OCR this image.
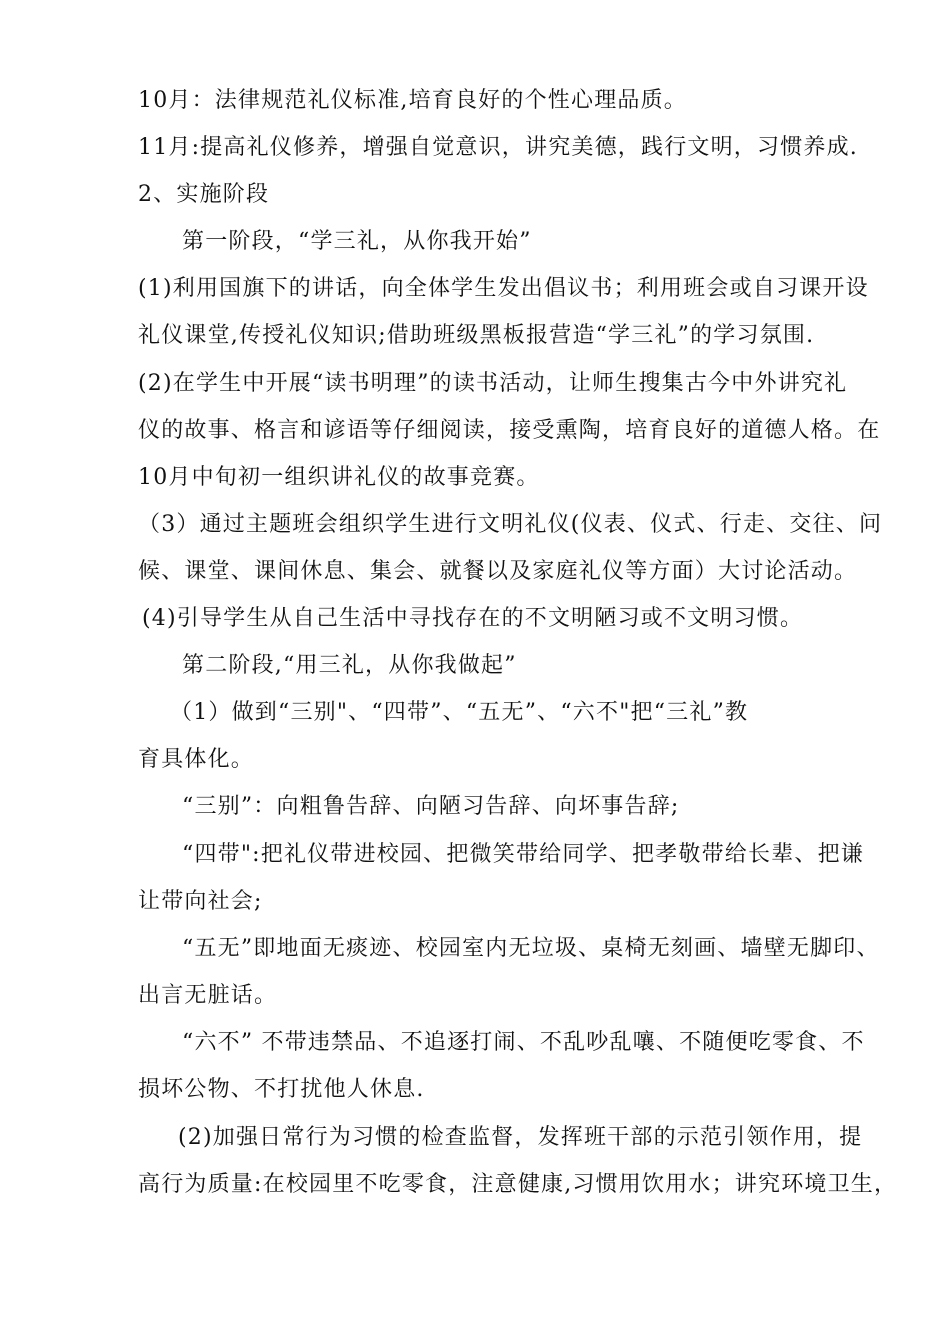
10月：法律规范礼仪标准,培育良好的个性心理品质。
11月:提高礼仪修养，增强自觉意识，讲究美德，践行文明，习惯养成.
2、实施阶段
第一阶段，“学三礼，从你我开始”
(1)利用国旗下的讲话，向全体学生发出倡议书；利用班会或自习课开设
礼仪课堂,传授礼仪知识;借助班级黑板报营造“学三礼”的学习氛围.
(2)在学生中开展“读书明理”的读书活动，让师生搜集古今中外讲究礼
仪的故事、格言和谚语等仔细阅读，接受熏陶，培育良好的道德人格。在
10月中旬初一组织讲礼仪的故事竞赛。
（3）通过主题班会组织学生进行文明礼仪(仪表、仪式、行走、交往、问
候、课堂、课间休息、集会、就餐以及家庭礼仪等方面）大讨论活动。
(4)引导学生从自己生活中寻找存在的不文明陋习或不文明习惯。
第二阶段,“用三礼，从你我做起”
（1）做到“三别"、“四带”、“五无”、“六不"把“三礼”教
育具体化。
“三别”：向粗鲁告辞、向陋习告辞、向坏事告辞;
“四带":把礼仪带进校园、把微笑带给同学、把孝敬带给长辈、把谦
让带向社会;
“五无”即地面无痰迹、校园室内无垃圾、桌椅无刻画、墙壁无脚印、
出言无脏话。
“六不” 不带违禁品、不追逐打闹、不乱吵乱嚷、不随便吃零食、不
损坏公物、不打扰他人休息.
(2)加强日常行为习惯的检查监督，发挥班干部的示范引领作用，提
高行为质量:在校园里不吃零食，注意健康,习惯用饮用水；讲究环境卫生，
